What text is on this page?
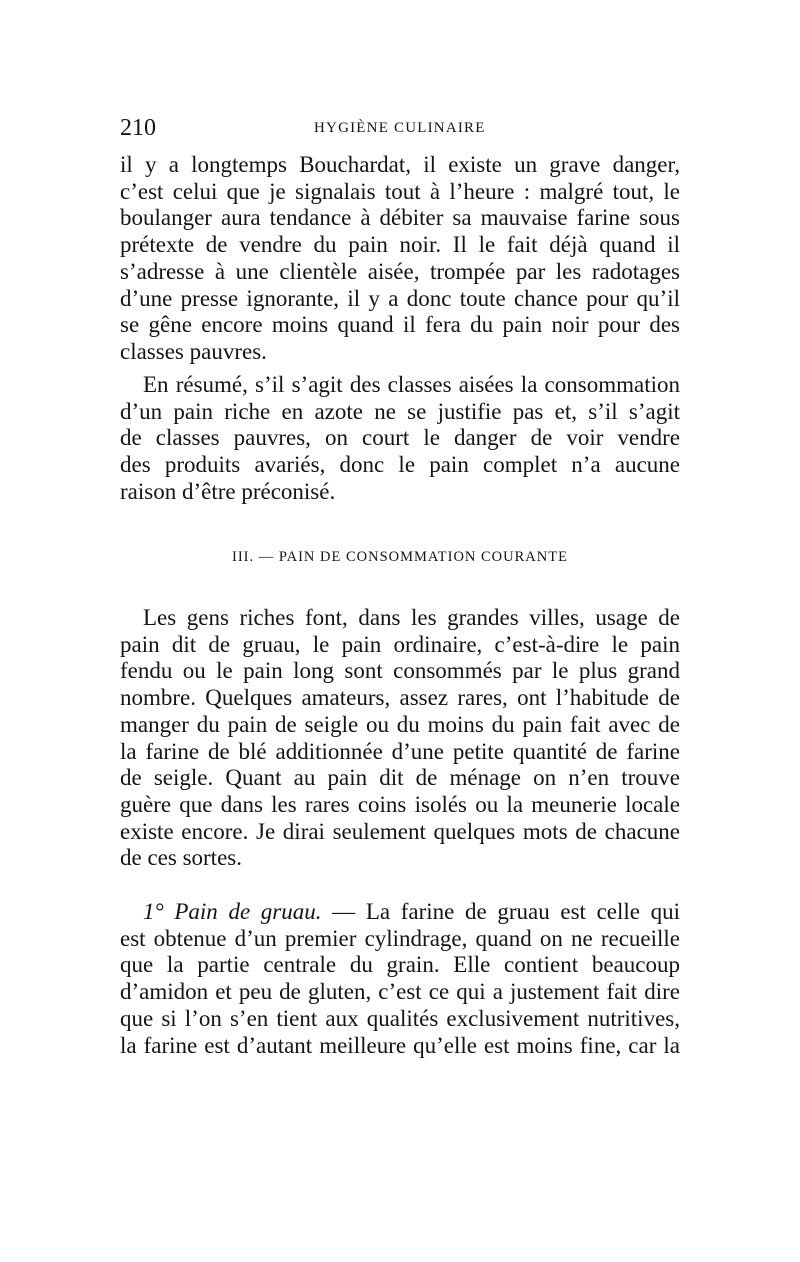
210	HYGIÈNE CULINAIRE
il y a longtemps Bouchardat, il existe un grave danger,
c’est celui que je signalais tout à l’heure : malgré tout, le
boulanger aura tendance à débiter sa mauvaise farine sous
prétexte de vendre du pain noir. Il le fait déjà quand il
s’adresse à une clientèle aisée, trompée par les radotages
d’une presse ignorante, il y a donc toute chance pour qu’il
se gêne encore moins quand il fera du pain noir pour des
classes pauvres.
En résumé, s’il s’agit des classes aisées la consommation
d’un pain riche en azote ne se justifie pas et, s’il s’agit
de classes pauvres, on court le danger de voir vendre
des produits avariés, donc le pain complet n’a aucune
raison d’être préconisé.
III. — PAIN DE CONSOMMATION COURANTE
Les gens riches font, dans les grandes villes, usage de
pain dit de gruau, le pain ordinaire, c’est-à-dire le pain
fendu ou le pain long sont consommés par le plus grand
nombre. Quelques amateurs, assez rares, ont l’habitude de
manger du pain de seigle ou du moins du pain fait avec de
la farine de blé additionnée d’une petite quantité de farine
de seigle. Quant au pain dit de ménage on n’en trouve
guère que dans les rares coins isolés ou la meunerie locale
existe encore. Je dirai seulement quelques mots de chacune
de ces sortes.
1° Pain de gruau. — La farine de gruau est celle qui
est obtenue d’un premier cylindrage, quand on ne recueille
que la partie centrale du grain. Elle contient beaucoup
d’amidon et peu de gluten, c’est ce qui a justement fait dire
que si l’on s’en tient aux qualités exclusivement nutritives,
la farine est d’autant meilleure qu’elle est moins fine, car la
